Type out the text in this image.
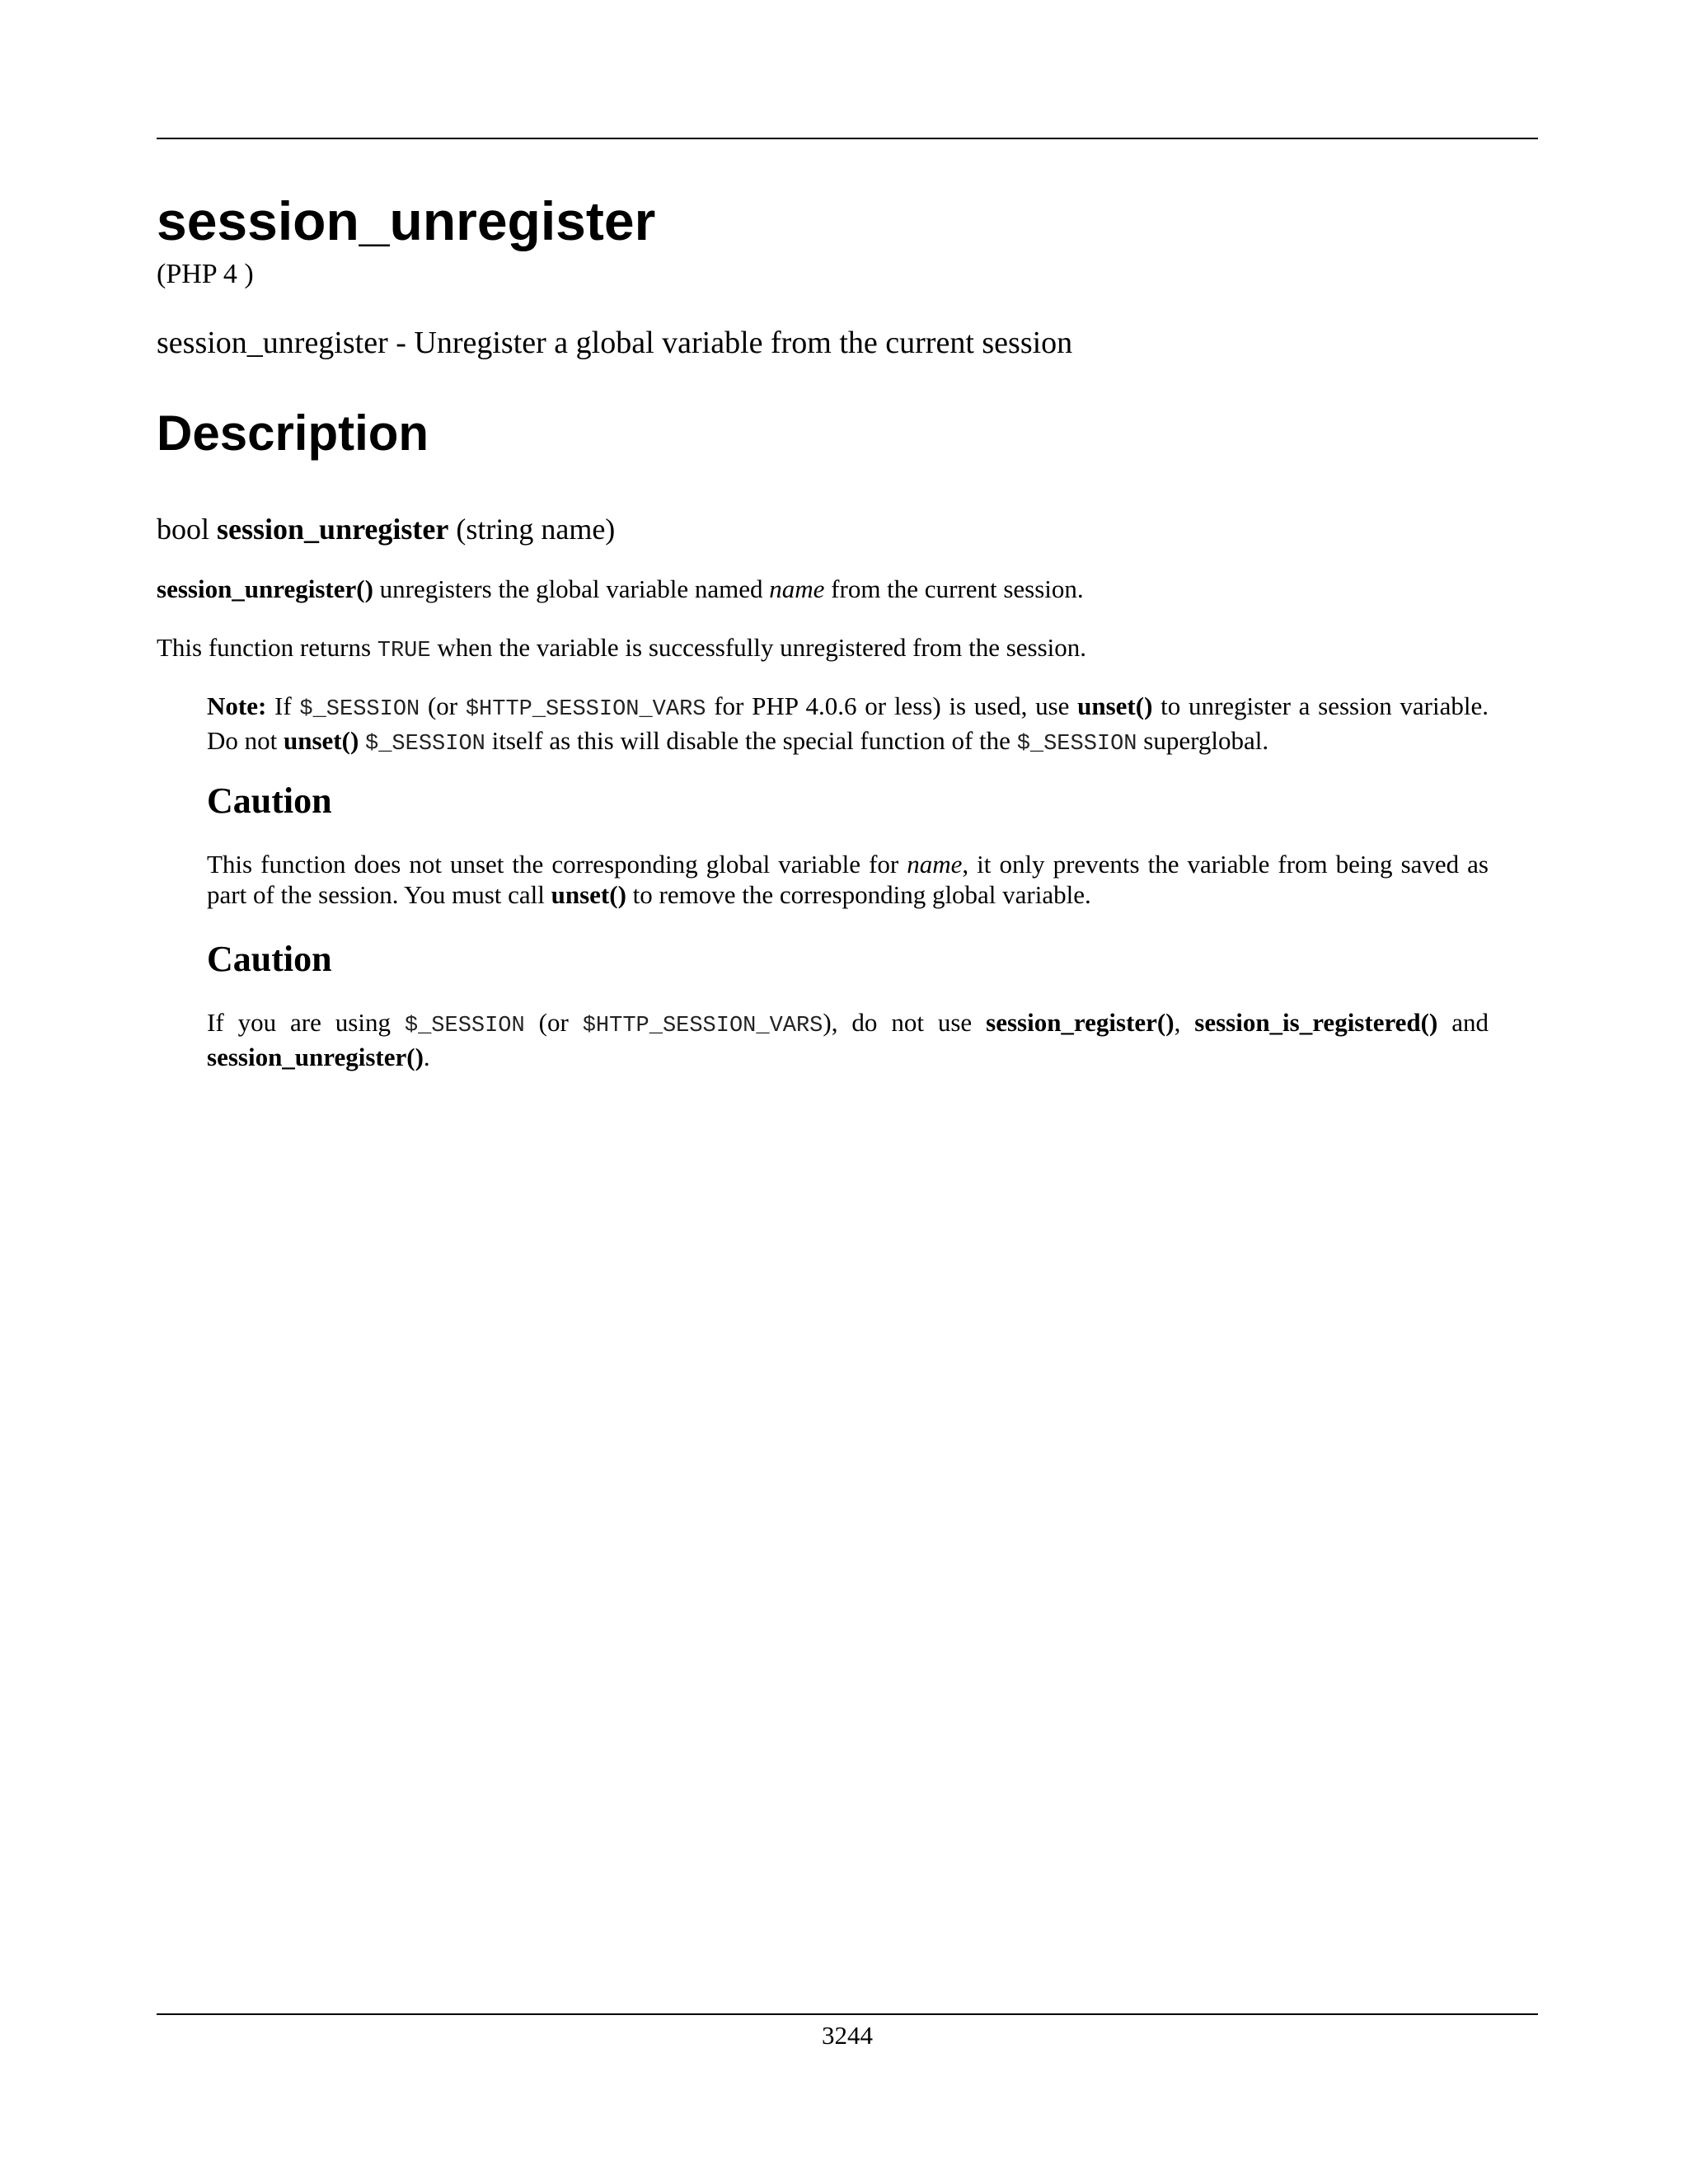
session_unregister

(PHP 4 )

session_unregister - Unregister a global variable from the current session

Description

bool session_unregister (string name)

session_unregister() unregisters the global variable named name from the current session.

This function returns TRUE when the variable is successfully unregistered from the session.

Note: If $_SESSION (or $HTTP_SESSION_VARS for PHP 4.0.6 or less) is used, use unset() to unregister a session variable. Do not unset() $_SESSION itself as this will disable the special function of the $_SESSION superglobal.

Caution

This function does not unset the corresponding global variable for name, it only prevents the variable from being saved as part of the session. You must call unset() to remove the corresponding global variable.

Caution

If you are using $_SESSION (or $HTTP_SESSION_VARS), do not use session_register(), session_is_registered() and session_unregister().

3244
